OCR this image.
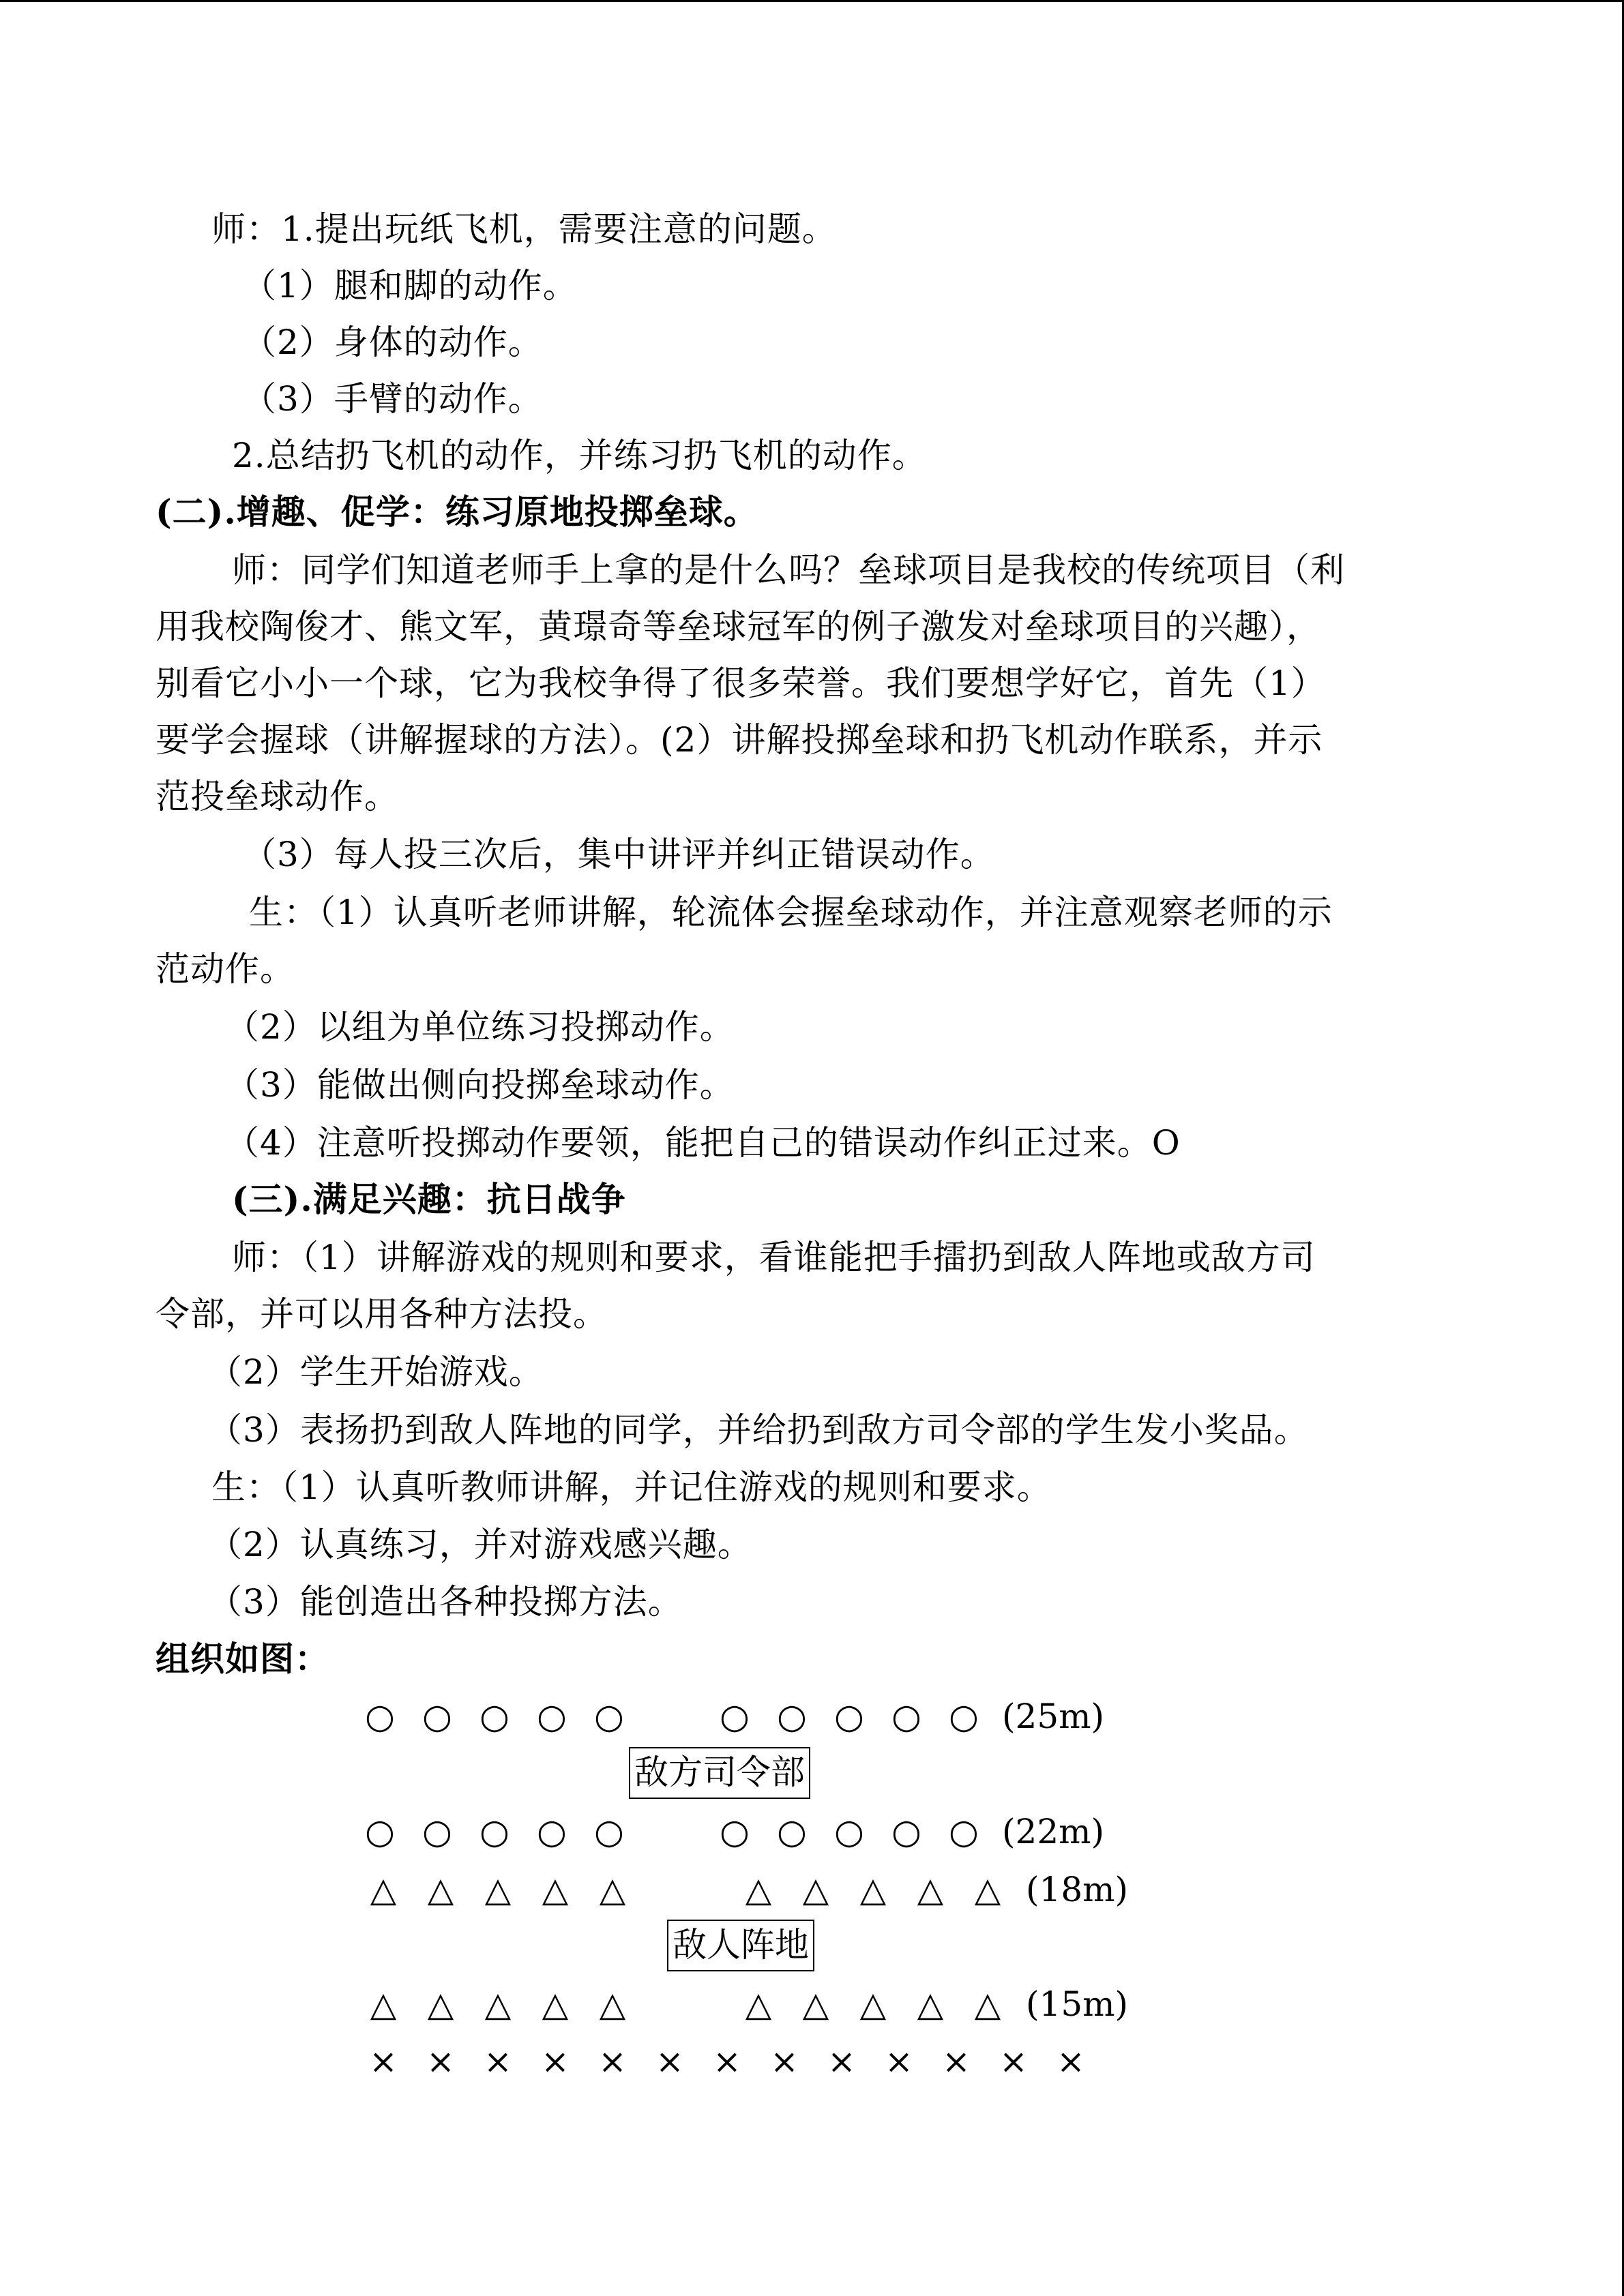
师：1.提出玩纸飞机，需要注意的问题。
（1）腿和脚的动作。
（2）身体的动作。
（3）手臂的动作。
2.总结扔飞机的动作，并练习扔飞机的动作。
(二).增趣、促学：练习原地投掷垒球。
师：同学们知道老师手上拿的是什么吗？垒球项目是我校的传统项目（利
用我校陶俊才、熊文军，黄璟奇等垒球冠军的例子激发对垒球项目的兴趣），
别看它小小一个球，它为我校争得了很多荣誉。我们要想学好它，首先（1）
要学会握球（讲解握球的方法）。(2）讲解投掷垒球和扔飞机动作联系，并示
范投垒球动作。
（3）每人投三次后，集中讲评并纠正错误动作。
生：（1）认真听老师讲解，轮流体会握垒球动作，并注意观察老师的示
范动作。
（2）以组为单位练习投掷动作。
（3）能做出侧向投掷垒球动作。
（4）注意听投掷动作要领，能把自己的错误动作纠正过来。O
(三).满足兴趣：抗日战争
师：（1）讲解游戏的规则和要求，看谁能把手擂扔到敌人阵地或敌方司
令部，并可以用各种方法投。
（2）学生开始游戏。
（3）表扬扔到敌人阵地的同学，并给扔到敌方司令部的学生发小奖品。
生：（1）认真听教师讲解，并记住游戏的规则和要求。
（2）认真练习，并对游戏感兴趣。
（3）能创造出各种投掷方法。
组织如图：
○ ○ ○ ○ ○	○ ○ ○ ○ ○ (25m)
敌方司令部
○ ○ ○ ○ ○	○ ○ ○ ○ ○ (22m)
△ △ △ △ △	△ △ △ △ △ (18m)
敌人阵地
△ △ △ △ △	△ △ △ △ △ (15m)
× × × × × × × × × × × × ×
